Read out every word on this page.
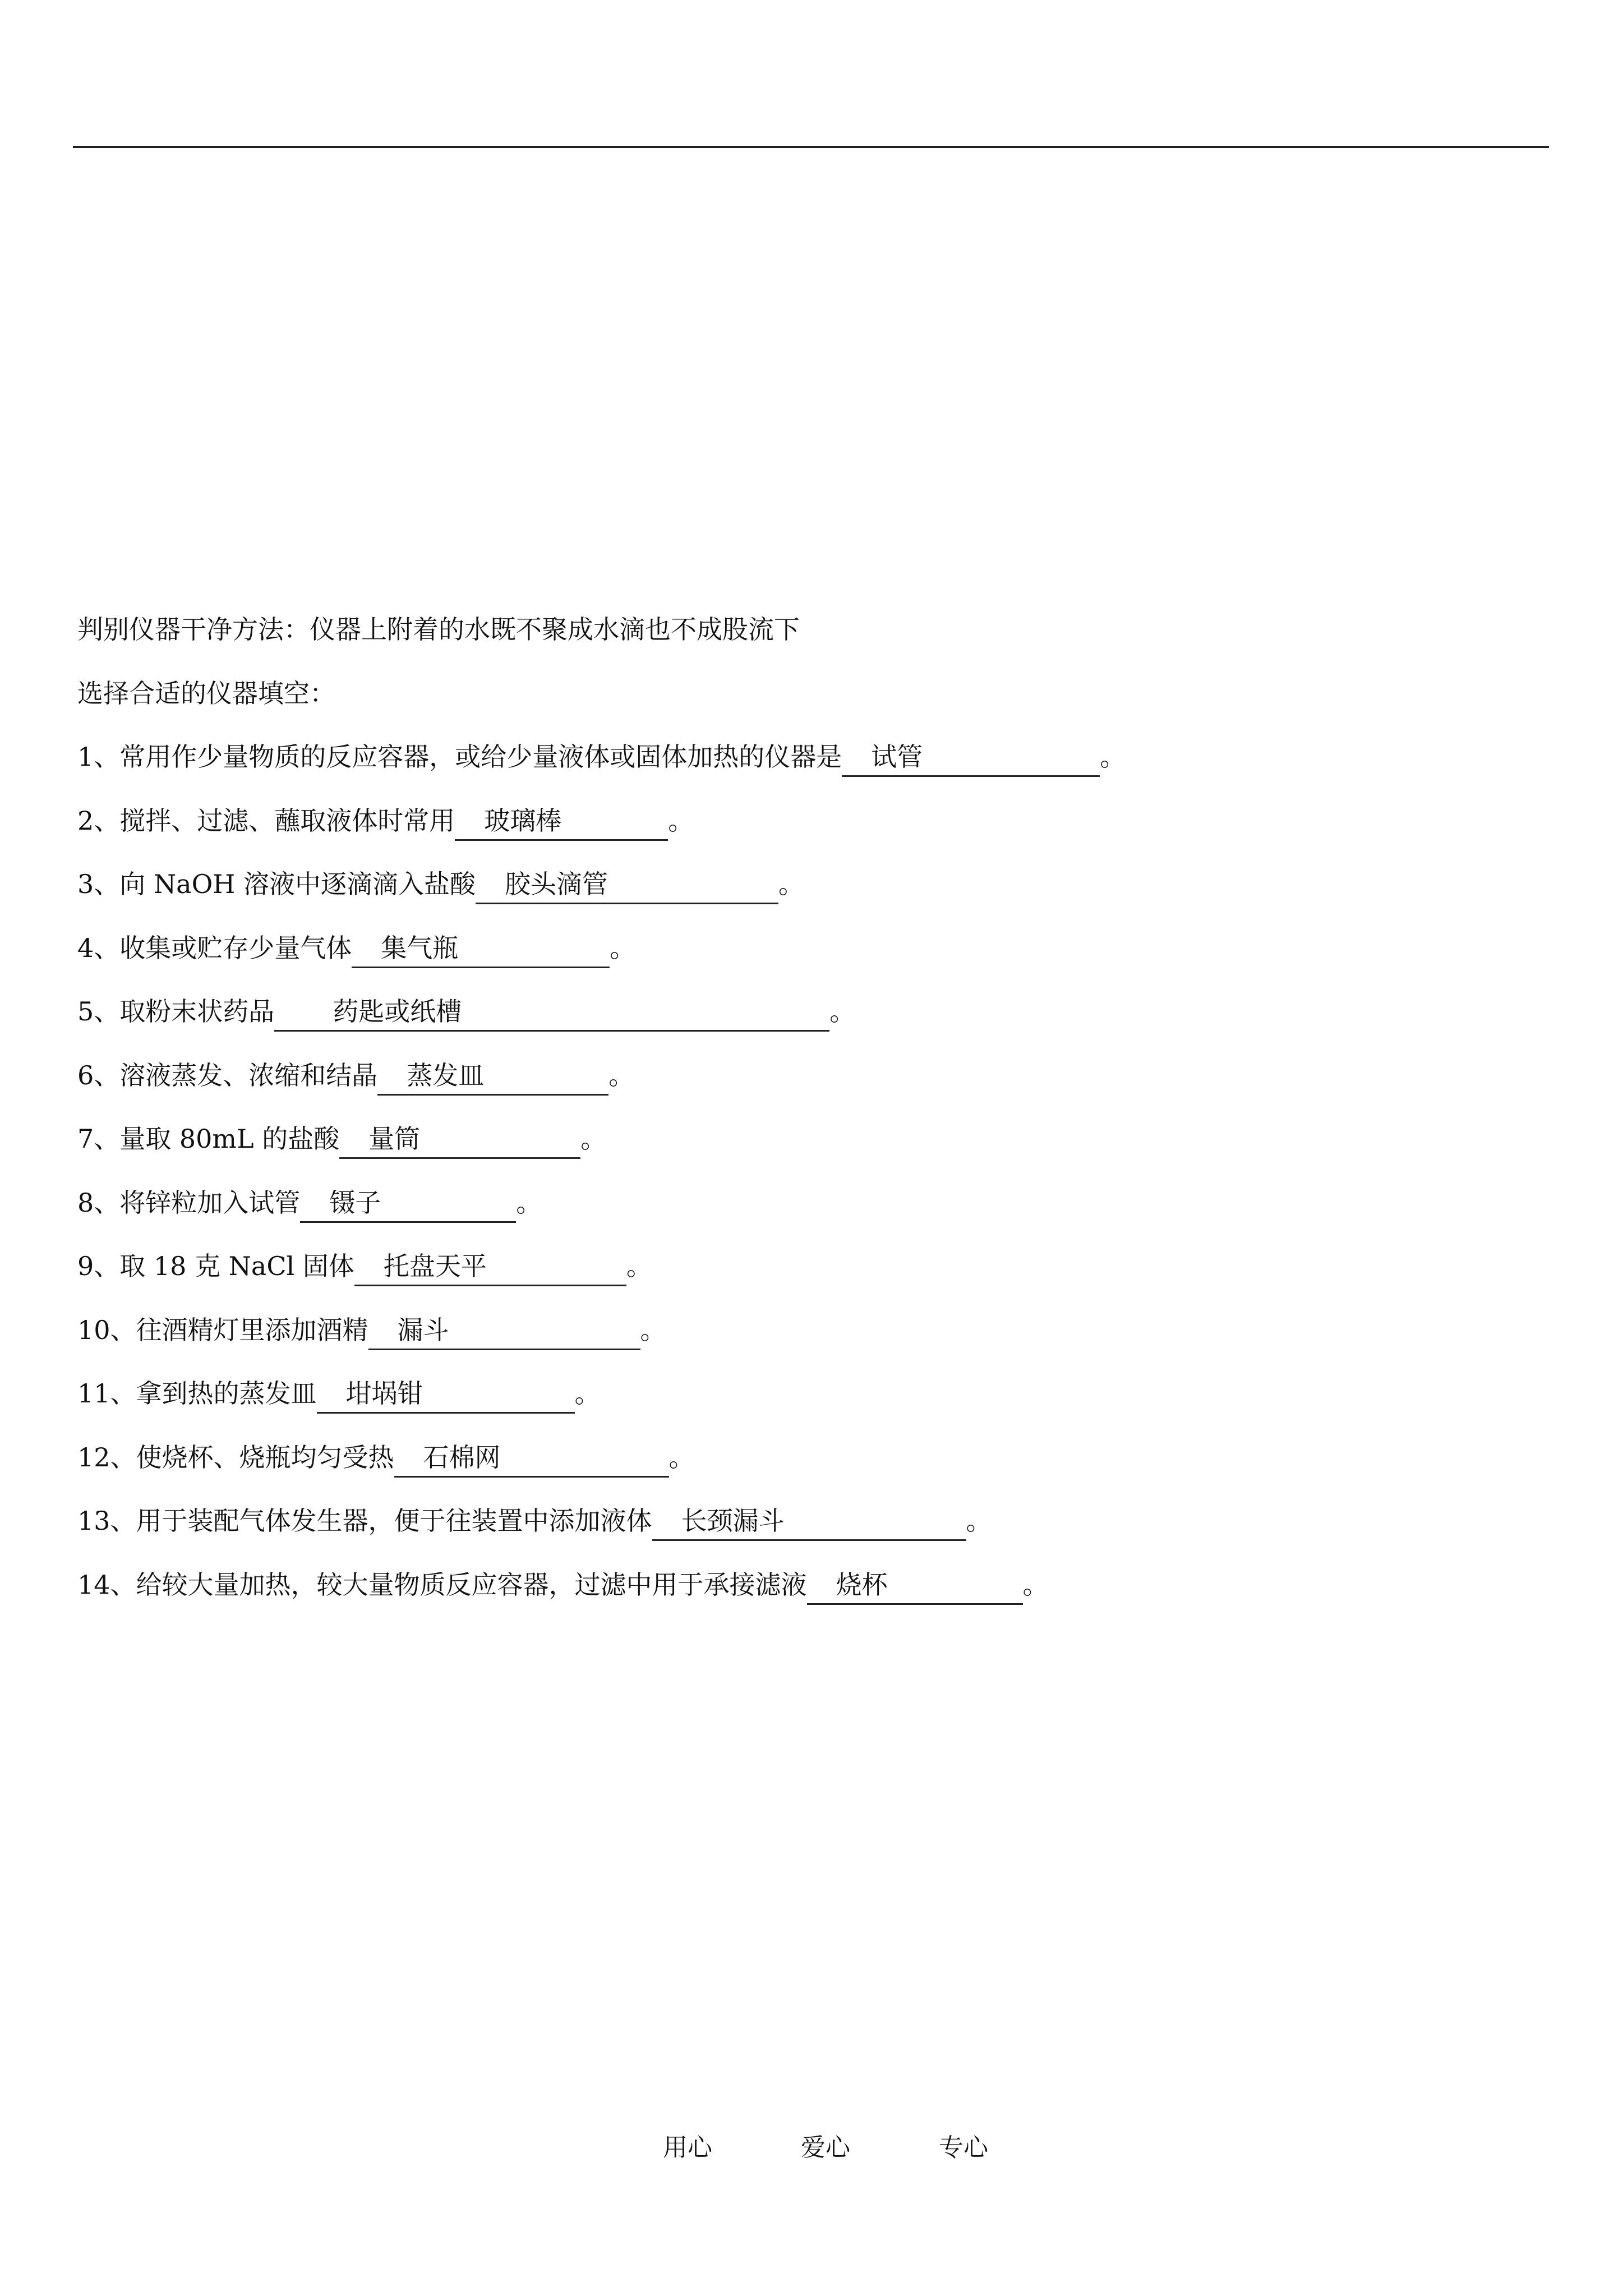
判别仪器干净方法：仪器上附着的水既不聚成水滴也不成股流下
选择合适的仪器填空：
1、常用作少量物质的反应容器，或给少量液体或固体加热的仪器是 试管	。
2、搅拌、过滤、蘸取液体时常用 玻璃棒	。
3、向 NaOH 溶液中逐滴滴入盐酸 胶头滴管	。
4、收集或贮存少量气体 集气瓶	。
5、取粉末状药品 药匙或纸槽	。
6、溶液蒸发、浓缩和结晶 蒸发皿	。
7、量取 80mL 的盐酸 量筒	。
8、将锌粒加入试管 镊子	。
9、取 18 克 NaCl 固体 托盘天平	。
10、往酒精灯里添加酒精 漏斗	。
11、拿到热的蒸发皿 坩埚钳	。
12、使烧杯、烧瓶均匀受热 石棉网	。
13、用于装配气体发生器，便于往装置中添加液体 长颈漏斗	。
14、给较大量加热，较大量物质反应容器，过滤中用于承接滤液 烧杯	。
用心	爱心	专心
